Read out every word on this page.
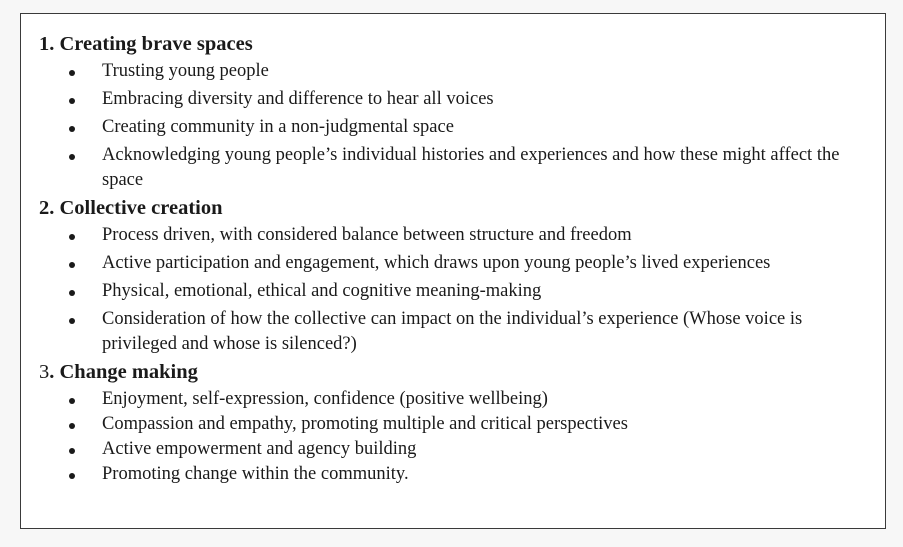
1. Creating brave spaces
Trusting young people
Embracing diversity and difference to hear all voices
Creating community in a non-judgmental space
Acknowledging young people’s individual histories and experiences and how these might affect the space
2. Collective creation
Process driven, with considered balance between structure and freedom
Active participation and engagement, which draws upon young people’s lived experiences
Physical, emotional, ethical and cognitive meaning-making
Consideration of how the collective can impact on the individual’s experience (Whose voice is privileged and whose is silenced?)
3. Change making
Enjoyment, self-expression, confidence (positive wellbeing)
Compassion and empathy, promoting multiple and critical perspectives
Active empowerment and agency building
Promoting change within the community.
